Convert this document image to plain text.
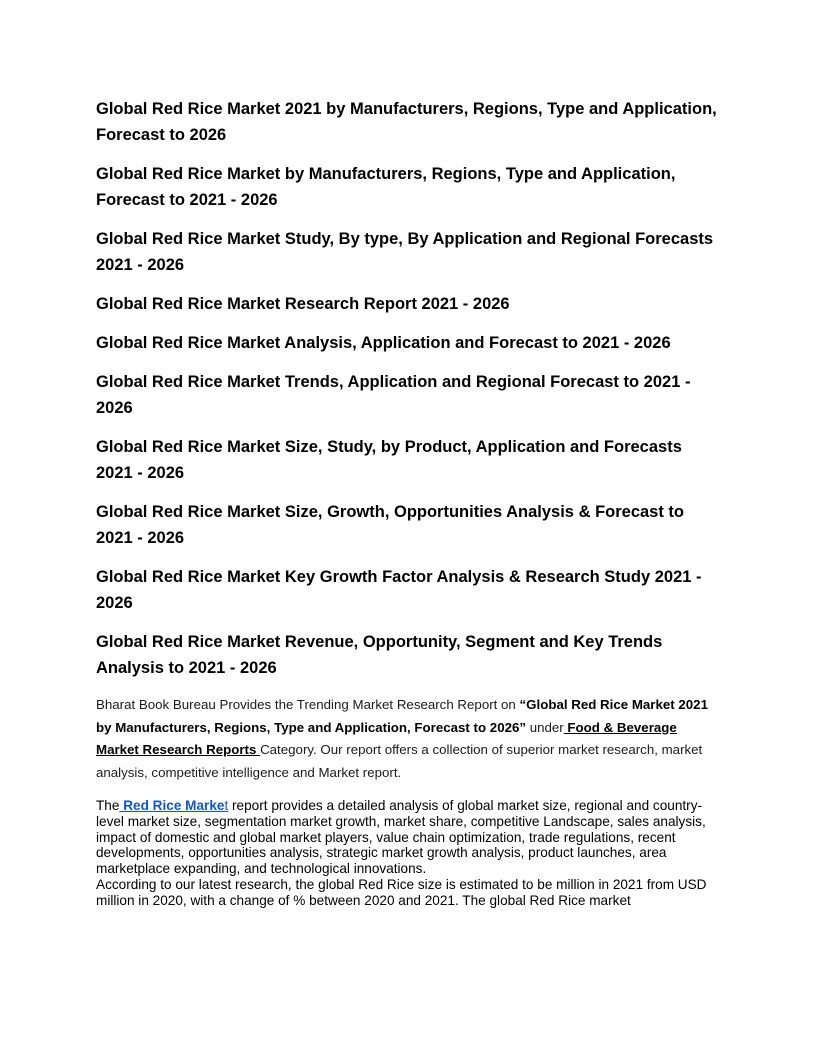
Global Red Rice Market 2021 by Manufacturers, Regions, Type and Application, Forecast to 2026
Global Red Rice Market by Manufacturers, Regions, Type and Application, Forecast to 2021 - 2026
Global Red Rice Market Study, By type, By Application and Regional Forecasts 2021 - 2026
Global Red Rice Market Research Report 2021 - 2026
Global Red Rice Market Analysis, Application and Forecast to 2021 - 2026
Global Red Rice Market Trends, Application and Regional Forecast to 2021 - 2026
Global Red Rice Market Size, Study, by Product, Application and Forecasts 2021 - 2026
Global Red Rice Market Size, Growth, Opportunities Analysis & Forecast to 2021 - 2026
Global Red Rice Market Key Growth Factor Analysis & Research Study 2021 - 2026
Global Red Rice Market Revenue, Opportunity, Segment and Key Trends Analysis to 2021 - 2026

Bharat Book Bureau Provides the Trending Market Research Report on “Global Red Rice Market 2021 by Manufacturers, Regions, Type and Application, Forecast to 2026” under Food & Beverage Market Research Reports Category. Our report offers a collection of superior market research, market analysis, competitive intelligence and Market report.

The Red Rice Market report provides a detailed analysis of global market size, regional and country-level market size, segmentation market growth, market share, competitive Landscape, sales analysis, impact of domestic and global market players, value chain optimization, trade regulations, recent developments, opportunities analysis, strategic market growth analysis, product launches, area marketplace expanding, and technological innovations.
According to our latest research, the global Red Rice size is estimated to be million in 2021 from USD million in 2020, with a change of % between 2020 and 2021. The global Red Rice market
